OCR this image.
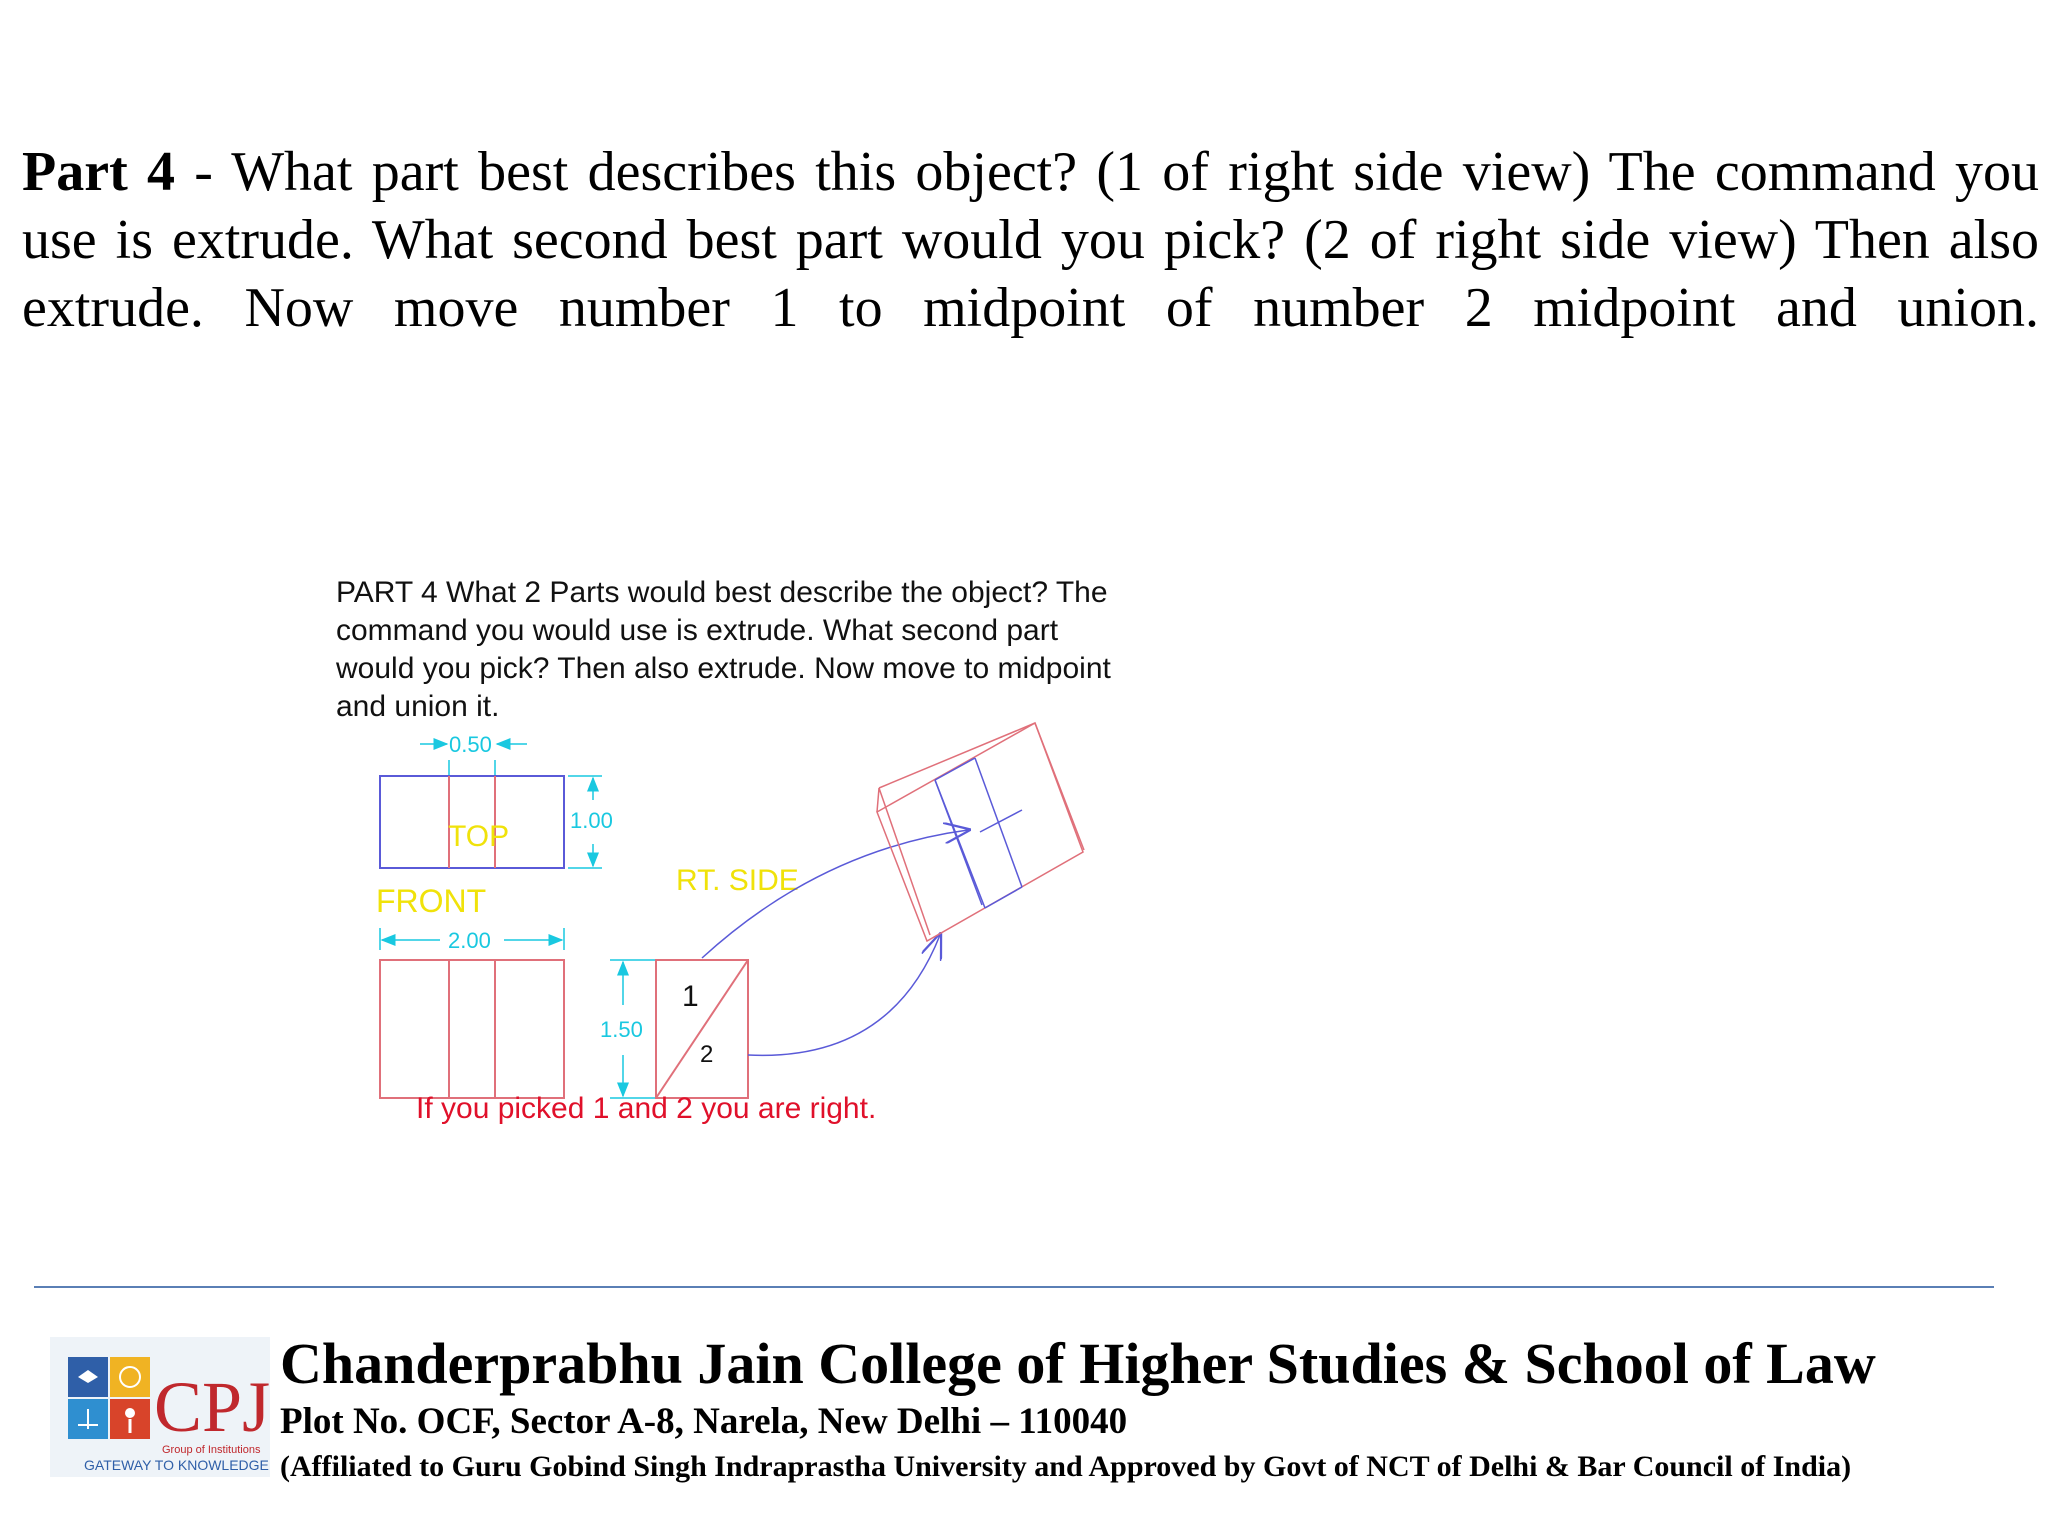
Part 4 - What part best describes this object? (1 of right side view) The command you use is extrude. What second best part would you pick? (2 of right side view) Then also extrude. Now move number 1 to midpoint of number 2 midpoint and union.

PART 4 What 2 Parts would best describe the object? The command you would use is extrude. What second part would you pick? Then also extrude. Now move to midpoint and union it.
TOP
0.50
1.00
FRONT
2.00
1.50
RT. SIDE
1
2
If you picked 1 and 2 you are right.
CPJ
Group of Institutions
GATEWAY TO KNOWLEDGE
Chanderprabhu Jain College of Higher Studies & School of Law
Plot No. OCF, Sector A-8, Narela, New Delhi – 110040
(Affiliated to Guru Gobind Singh Indraprastha University and Approved by Govt of NCT of Delhi & Bar Council of India)
